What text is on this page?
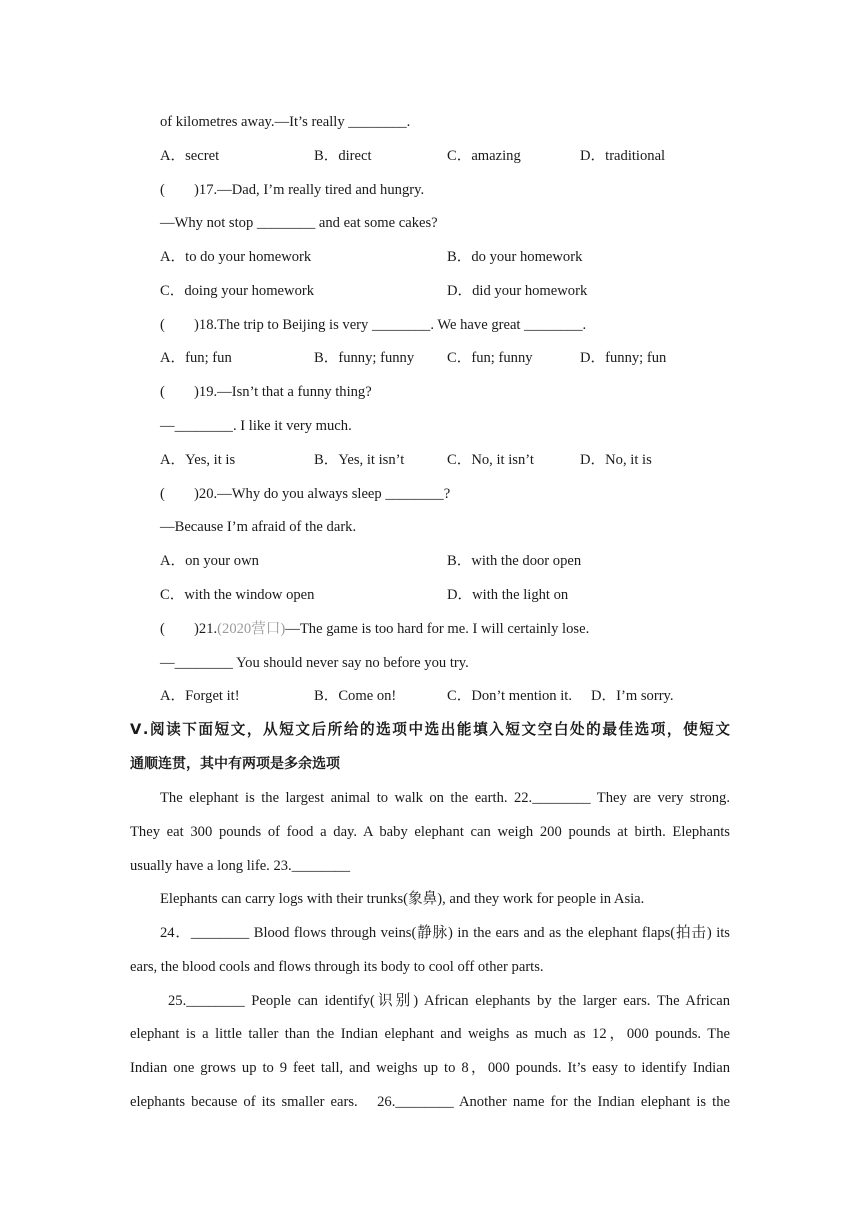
of kilometres away.—It’s really ________.
A．secret	B．direct	C．amazing	D．traditional
(　　)17.—Dad, I’m really tired and hungry.
—Why not stop ________ and eat some cakes?
A．to do your homework	B．do your homework
C．doing your homework	D．did your homework
(　　)18.The trip to Beijing is very ________. We have great ________.
A．fun; fun	B．funny; funny C．fun; funny	D．funny; fun
(　　)19.—Isn’t that a funny thing?
—________. I like it very much.
A．Yes, it is	B．Yes, it isn’t	C．No, it isn’t	D．No, it is
(　　)20.—Why do you always sleep ________?
—Because I’m afraid of the dark.
A．on your own	B．with the door open
C．with the window open	D．with the light on
(　　)21.(2020营口)—The game is too hard for me. I will certainly lose.
—________ You should never say no before you try.
A．Forget it!	B．Come on!	C．Don’t mention it. D．I’m sorry.
Ⅴ.阅读下面短文，从短文后所给的选项中选出能填入短文空白处的最佳选项，使短文
通顺连贯，其中有两项是多余选项
The elephant is the largest animal to walk on the earth. 22.________ They are very strong.
They eat 300 pounds of food a day. A baby elephant can weigh 200 pounds at birth. Elephants
usually have a long life. 23.________
Elephants can carry logs with their trunks(象鼻), and they work for people in Asia.
24．________ Blood flows through veins(静脉) in the ears and as the elephant flaps(拍击) its
ears, the blood cools and flows through its body to cool off other parts.
25.________ People can identify(识别) African elephants by the larger ears. The African
elephant is a little taller than the Indian elephant and weighs as much as 12，000 pounds. The
Indian one grows up to 9 feet tall, and weighs up to 8，000 pounds. It’s easy to identify Indian
elephants because of its smaller ears.　26.________ Another name for the Indian elephant is the
